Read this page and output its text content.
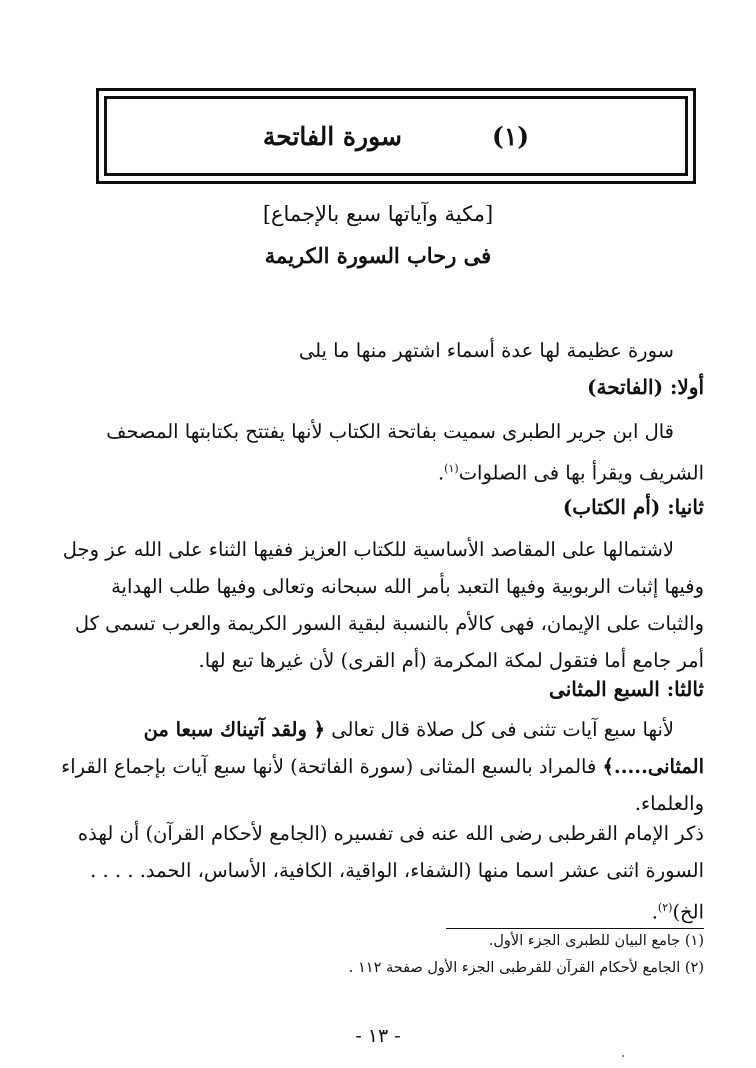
(١)
سورة الفاتحة
[مكية وآياتها سبع بالإجماع]
فى رحاب السورة الكريمة
سورة عظيمة لها عدة أسماء اشتهر منها ما يلى
أولا: (الفاتحة)
قال ابن جرير الطبرى سميت بفاتحة الكتاب لأنها يفتتح بكتابتها المصحف
الشريف ويقرأ بها فى الصلوات$^{(١)}$.
ثانيا: (أم الكتاب)
لاشتمالها على المقاصد الأساسية للكتاب العزيز ففيها الثناء على الله عز وجل
وفيها إثبات الربوبية وفيها التعبد بأمر الله سبحانه وتعالى وفيها طلب الهداية
والثبات على الإيمان، فهى كالأم بالنسبة لبقية السور الكريمة والعرب تسمى كل
أمر جامع أما فتقول لمكة المكرمة (أم القرى) لأن غيرها تبع لها.
ثالثا: السبع المثانى
لأنها سبع آيات تثنى فى كل صلاة قال تعالى ﴿ ولقد آتيناك سبعا من
المثانى.....﴾ فالمراد بالسبع المثانى (سورة الفاتحة) لأنها سبع آيات بإجماع القراء
والعلماء.
ذكر الإمام القرطبى رضى الله عنه فى تفسيره (الجامع لأحكام القرآن) أن لهذه
السورة اثنى عشر اسما منها (الشفاء، الواقية، الكافية، الأساس، الحمد. . . . .
الخ)$^{(٢)}$.
(١) جامع البيان للطبرى الجزء الأول.
(٢) الجامع لأحكام القرآن للقرطبى الجزء الأول صفحة ١١٢ .
- ١٣ -
